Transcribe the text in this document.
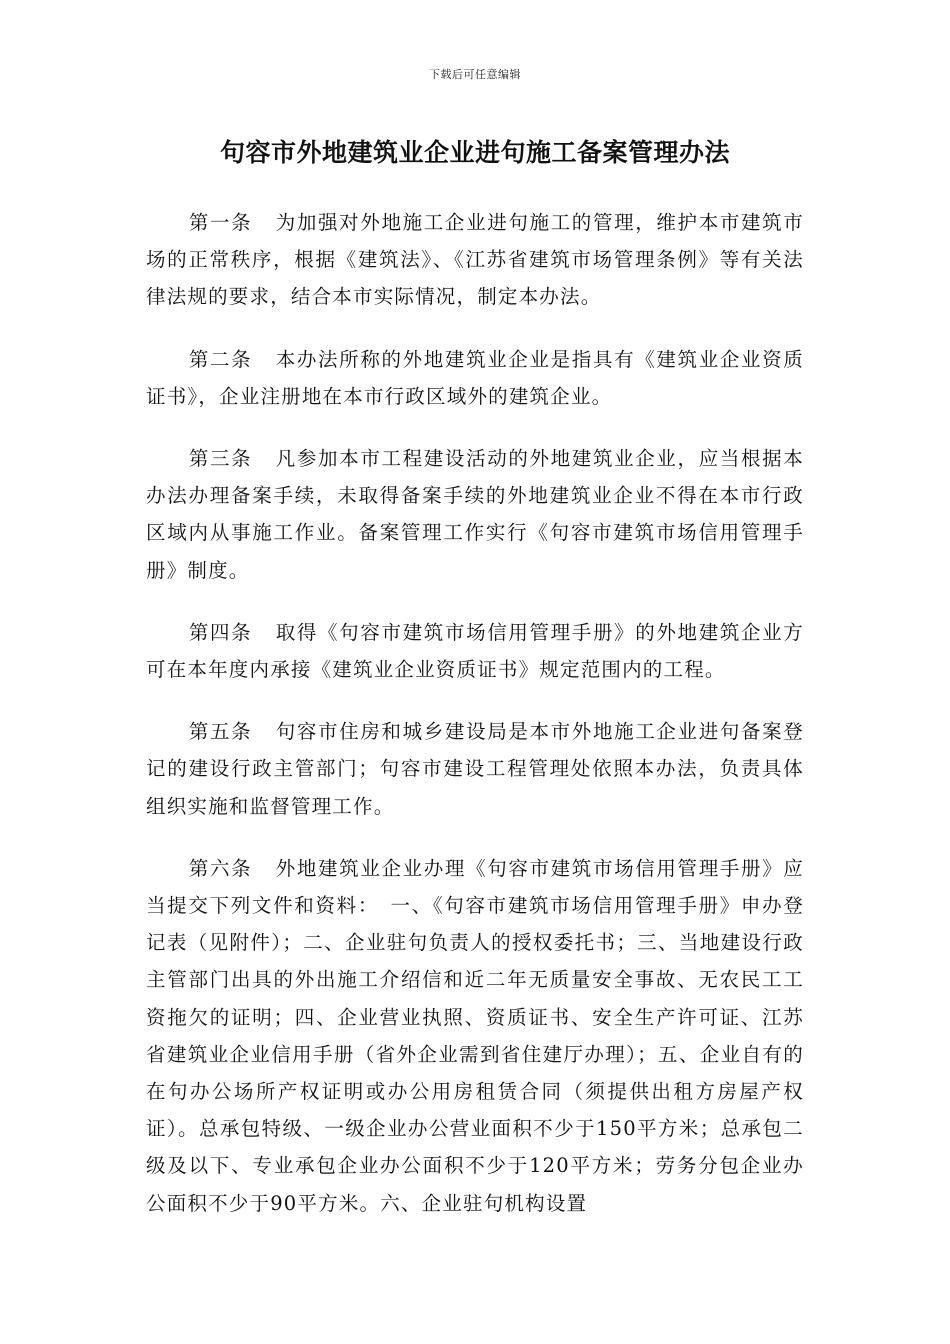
下载后可任意编辑
句容市外地建筑业企业进句施工备案管理办法

第一条 为加强对外地施工企业进句施工的管理，维护本市建筑市场的正常秩序，根据《建筑法》、《江苏省建筑市场管理条例》等有关法律法规的要求，结合本市实际情况，制定本办法。

第二条 本办法所称的外地建筑业企业是指具有《建筑业企业资质证书》，企业注册地在本市行政区域外的建筑企业。

第三条 凡参加本市工程建设活动的外地建筑业企业，应当根据本办法办理备案手续，未取得备案手续的外地建筑业企业不得在本市行政区域内从事施工作业。备案管理工作实行《句容市建筑市场信用管理手册》制度。

第四条 取得《句容市建筑市场信用管理手册》的外地建筑企业方可在本年度内承接《建筑业企业资质证书》规定范围内的工程。

第五条 句容市住房和城乡建设局是本市外地施工企业进句备案登记的建设行政主管部门；句容市建设工程管理处依照本办法，负责具体组织实施和监督管理工作。

第六条 外地建筑业企业办理《句容市建筑市场信用管理手册》应当提交下列文件和资料：　一、《句容市建筑市场信用管理手册》申办登记表（见附件）；二、企业驻句负责人的授权委托书；三、当地建设行政主管部门出具的外出施工介绍信和近二年无质量安全事故、无农民工工资拖欠的证明；四、企业营业执照、资质证书、安全生产许可证、江苏省建筑业企业信用手册（省外企业需到省住建厅办理）；五、企业自有的在句办公场所产权证明或办公用房租赁合同（须提供出租方房屋产权证）。总承包特级、一级企业办公营业面积不少于150平方米；总承包二级及以下、专业承包企业办公面积不少于120平方米；劳务分包企业办公面积不少于90平方米。六、企业驻句机构设置
